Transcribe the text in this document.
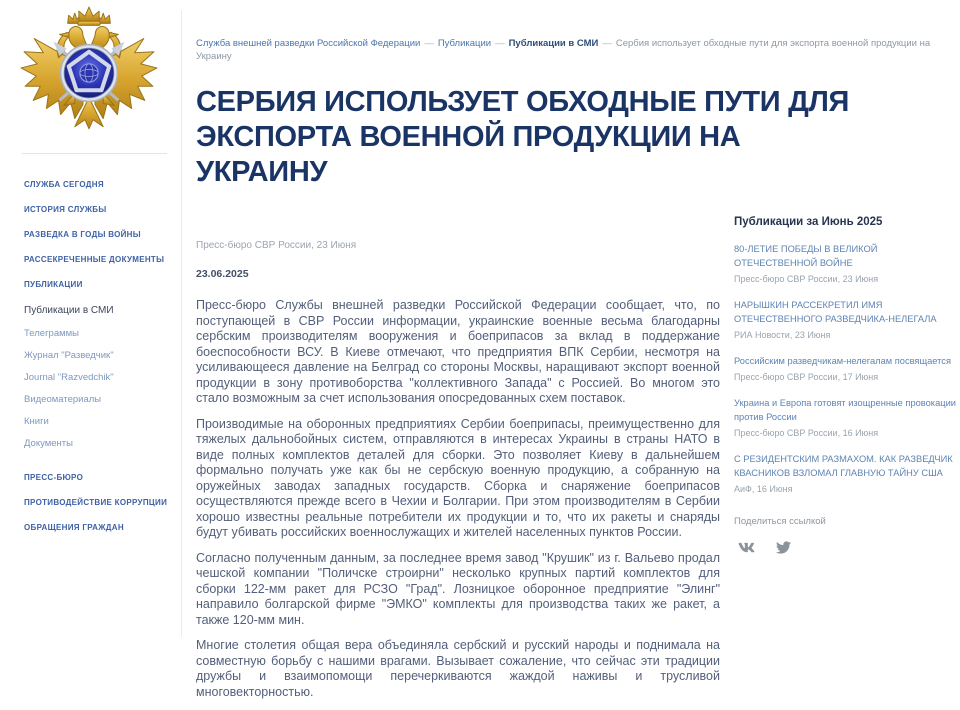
СЛУЖБА СЕГОДНЯ
ИСТОРИЯ СЛУЖБЫ
РАЗВЕДКА В ГОДЫ ВОЙНЫ
РАССЕКРЕЧЕННЫЕ ДОКУМЕНТЫ
ПУБЛИКАЦИИ
Публикации в СМИ
Телеграммы
Журнал "Разведчик"
Journal "Razvedchik"
Видеоматериалы
Книги
Документы
ПРЕСС-БЮРО
ПРОТИВОДЕЙСТВИЕ КОРРУПЦИИ
ОБРАЩЕНИЯ ГРАЖДАН
Служба внешней разведки Российской Федерации — Публикации — Публикации в СМИ — Сербия использует обходные пути для экспорта военной продукции на Украину
СЕРБИЯ ИСПОЛЬЗУЕТ ОБХОДНЫЕ ПУТИ ДЛЯ ЭКСПОРТА ВОЕННОЙ ПРОДУКЦИИ НА УКРАИНУ
Пресс-бюро СВР России, 23 Июня
23.06.2025

Пресс-бюро Службы внешней разведки Российской Федерации сообщает, что, по поступающей в СВР России информации, украинские военные весьма благодарны сербским производителям вооружения и боеприпасов за вклад в поддержание боеспособности ВСУ. В Киеве отмечают, что предприятия ВПК Сербии, несмотря на усиливающееся давление на Белград со стороны Москвы, наращивают экспорт военной продукции в зону противоборства "коллективного Запада" с Россией. Во многом это стало возможным за счет использования опосредованных схем поставок.

Производимые на оборонных предприятиях Сербии боеприпасы, преимущественно для тяжелых дальнобойных систем, отправляются в интересах Украины в страны НАТО в виде полных комплектов деталей для сборки. Это позволяет Киеву в дальнейшем формально получать уже как бы не сербскую военную продукцию, а собранную на оружейных заводах западных государств. Сборка и снаряжение боеприпасов осуществляются прежде всего в Чехии и Болгарии. При этом производителям в Сербии хорошо известны реальные потребители их продукции и то, что их ракеты и снаряды будут убивать российских военнослужащих и жителей населенных пунктов России.

Согласно полученным данным, за последнее время завод "Крушик" из г. Вальево продал чешской компании "Поличске строирни" несколько крупных партий комплектов для сборки 122-мм ракет для РСЗО "Град". Лозницкое оборонное предприятие "Элинг" направило болгарской фирме "ЭМКО" комплекты для производства таких же ракет, а также 120-мм мин.

Многие столетия общая вера объединяла сербский и русский народы и поднимала на совместную борьбу с нашими врагами. Вызывает сожаление, что сейчас эти традиции дружбы и взаимопомощи перечеркиваются жаждой наживы и трусливой многовекторностью.

Публикации за Июнь 2025
80-ЛЕТИЕ ПОБЕДЫ В ВЕЛИКОЙ ОТЕЧЕСТВЕННОЙ ВОЙНЕ
Пресс-бюро СВР России, 23 Июня
НАРЫШКИН РАССЕКРЕТИЛ ИМЯ ОТЕЧЕСТВЕННОГО РАЗВЕДЧИКА-НЕЛЕГАЛА
РИА Новости, 23 Июня
Российским разведчикам-нелегалам посвящается
Пресс-бюро СВР России, 17 Июня
Украина и Европа готовят изощренные провокации против России
Пресс-бюро СВР России, 16 Июня
С РЕЗИДЕНТСКИМ РАЗМАХОМ. КАК РАЗВЕДЧИК КВАСНИКОВ ВЗЛОМАЛ ГЛАВНУЮ ТАЙНУ США
АиФ, 16 Июня
Поделиться ссылкой
